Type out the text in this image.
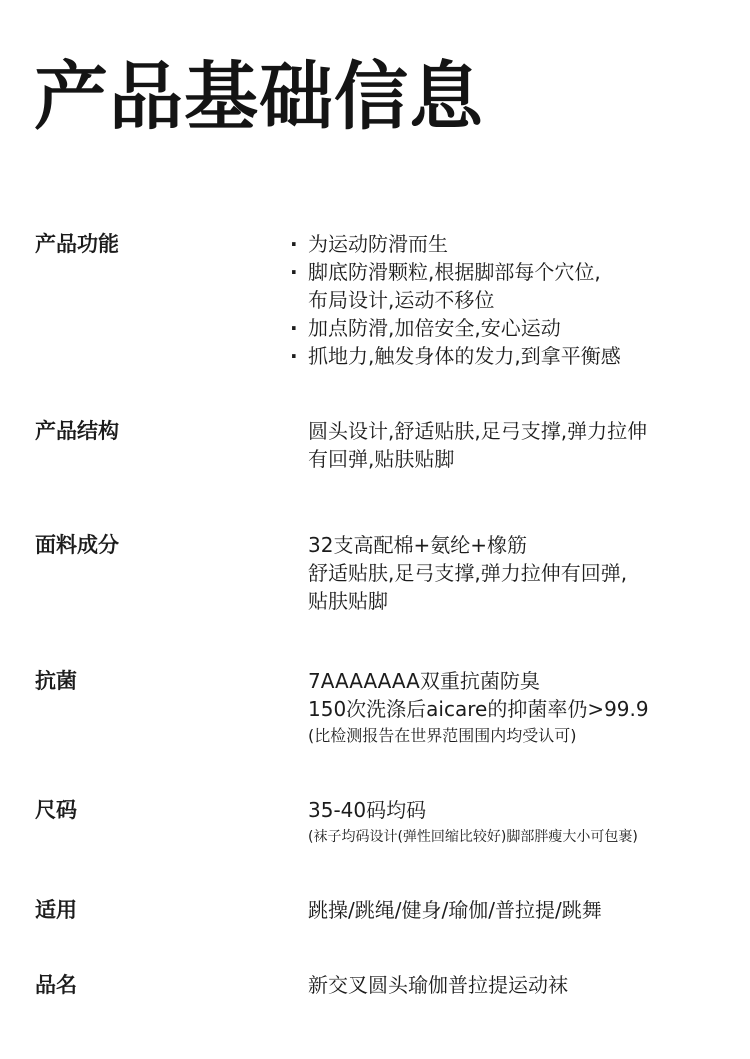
产品基础信息
产品功能	· 为运动防滑而生
· 脚底防滑颗粒,根据脚部每个穴位,
布局设计,运动不移位
· 加点防滑,加倍安全,安心运动
· 抓地力,触发身体的发力,到拿平衡感
产品结构	圆头设计,舒适贴肤,足弓支撑,弹力拉伸
有回弹,贴肤贴脚
面料成分	32支高配棉+氨纶+橡筋
舒适贴肤,足弓支撑,弹力拉伸有回弹,
贴肤贴脚
抗菌	7AAAAAAA双重抗菌防臭
150次洗涤后aicare的抑菌率仍>99.9
(比检测报告在世界范围围内均受认可)
尺码	35-40码均码
(袜子均码设计(弹性回缩比较好)脚部胖瘦大小可包裹)
适用	跳操/跳绳/健身/瑜伽/普拉提/跳舞
品名	新交叉圆头瑜伽普拉提运动袜
